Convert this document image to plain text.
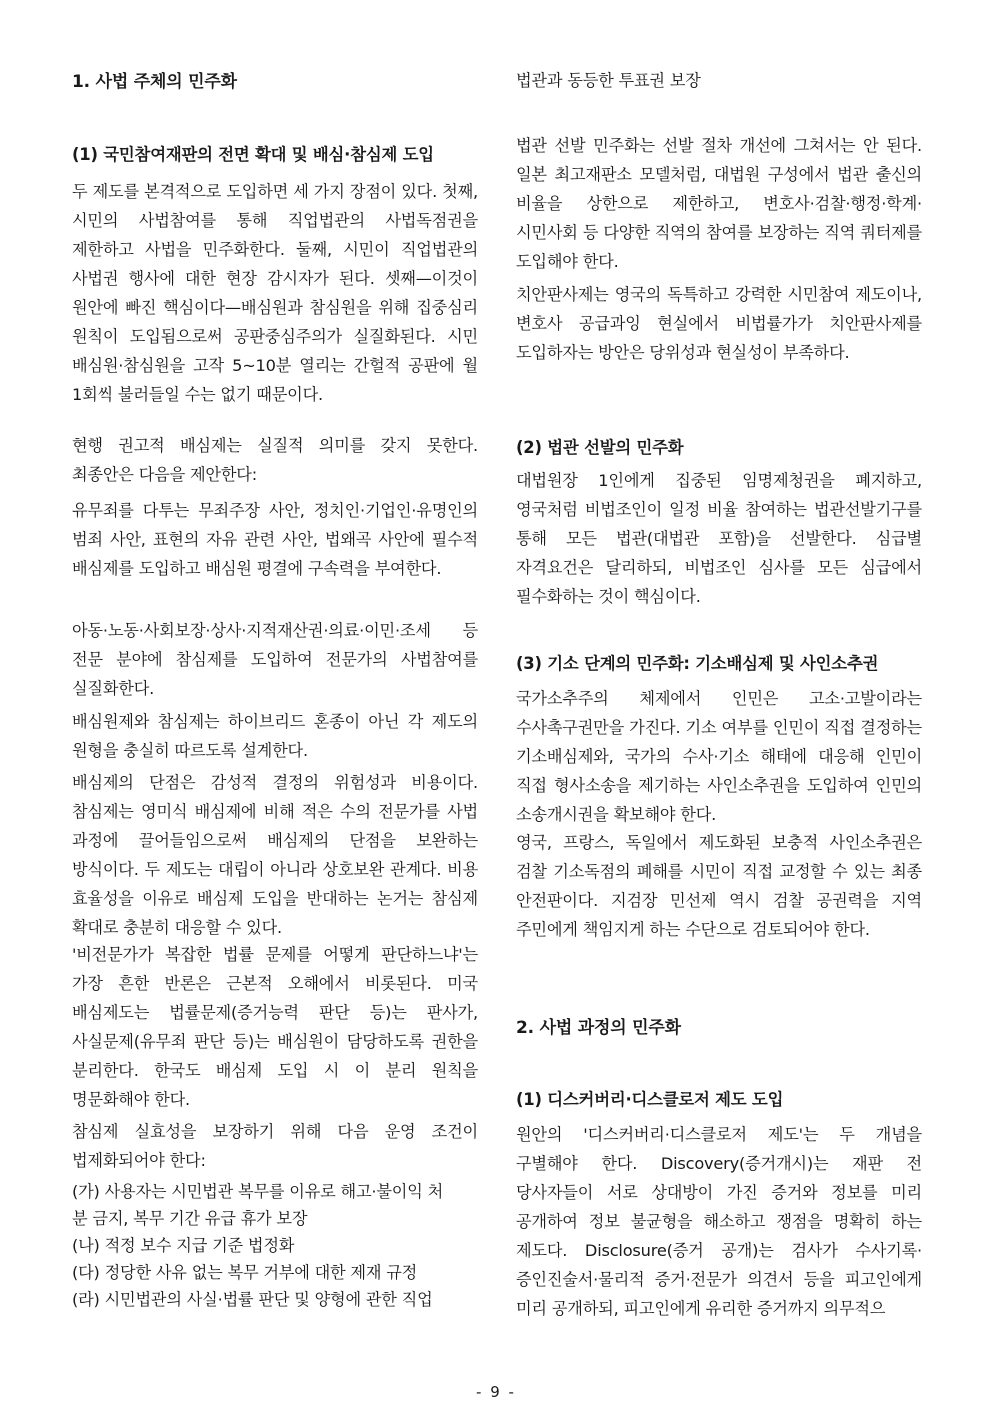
1. 사법 주체의 민주화
(1) 국민참여재판의 전면 확대 및 배심·참심제 도입

두 제도를 본격적으로 도입하면 세 가지 장점이 있다. 첫째, 시민의 사법참여를 통해 직업법관의 사법독점권을 제한하고 사법을 민주화한다. 둘째, 시민이 직업법관의 사법권 행사에 대한 현장 감시자가 된다. 셋째—이것이 원안에 빠진 핵심이다—배심원과 참심원을 위해 집중심리 원칙이 도입됨으로써 공판중심주의가 실질화된다. 시민 배심원·참심원을 고작 5~10분 열리는 간헐적 공판에 월 1회씩 불러들일 수는 없기 때문이다.

현행 권고적 배심제는 실질적 의미를 갖지 못한다. 최종안은 다음을 제안한다:

유무죄를 다투는 무죄주장 사안, 정치인·기업인·유명인의 범죄 사안, 표현의 자유 관련 사안, 법왜곡 사안에 필수적 배심제를 도입하고 배심원 평결에 구속력을 부여한다.

아동·노동·사회보장·상사·지적재산권·의료·이민·조세 등 전문 분야에 참심제를 도입하여 전문가의 사법참여를 실질화한다.

배심원제와 참심제는 하이브리드 혼종이 아닌 각 제도의 원형을 충실히 따르도록 설계한다.

배심제의 단점은 감성적 결정의 위험성과 비용이다. 참심제는 영미식 배심제에 비해 적은 수의 전문가를 사법 과정에 끌어들임으로써 배심제의 단점을 보완하는 방식이다. 두 제도는 대립이 아니라 상호보완 관계다. 비용 효율성을 이유로 배심제 도입을 반대하는 논거는 참심제 확대로 충분히 대응할 수 있다.

'비전문가가 복잡한 법률 문제를 어떻게 판단하느냐'는 가장 흔한 반론은 근본적 오해에서 비롯된다. 미국 배심제도는 법률문제(증거능력 판단 등)는 판사가, 사실문제(유무죄 판단 등)는 배심원이 담당하도록 권한을 분리한다. 한국도 배심제 도입 시 이 분리 원칙을 명문화해야 한다.

참심제 실효성을 보장하기 위해 다음 운영 조건이 법제화되어야 한다:

(가) 사용자는 시민법관 복무를 이유로 해고·불이익 처

분 금지, 복무 기간 유급 휴가 보장

(나) 적정 보수 지급 기준 법정화

(다) 정당한 사유 없는 복무 거부에 대한 제재 규정

(라) 시민법관의 사실·법률 판단 및 양형에 관한 직업

법관과 동등한 투표권 보장

법관 선발 민주화는 선발 절차 개선에 그쳐서는 안 된다. 일본 최고재판소 모델처럼, 대법원 구성에서 법관 출신의 비율을 상한으로 제한하고, 변호사·검찰·행정·학계·시민사회 등 다양한 직역의 참여를 보장하는 직역 쿼터제를 도입해야 한다.

치안판사제는 영국의 독특하고 강력한 시민참여 제도이나, 변호사 공급과잉 현실에서 비법률가가 치안판사제를 도입하자는 방안은 당위성과 현실성이 부족하다.

(2) 법관 선발의 민주화

대법원장 1인에게 집중된 임명제청권을 폐지하고, 영국처럼 비법조인이 일정 비율 참여하는 법관선발기구를 통해 모든 법관(대법관 포함)을 선발한다. 심급별 자격요건은 달리하되, 비법조인 심사를 모든 심급에서 필수화하는 것이 핵심이다.

(3) 기소 단계의 민주화: 기소배심제 및 사인소추권

국가소추주의 체제에서 인민은 고소·고발이라는 수사촉구권만을 가진다. 기소 여부를 인민이 직접 결정하는 기소배심제와, 국가의 수사·기소 해태에 대응해 인민이 직접 형사소송을 제기하는 사인소추권을 도입하여 인민의 소송개시권을 확보해야 한다.

영국, 프랑스, 독일에서 제도화된 보충적 사인소추권은 검찰 기소독점의 폐해를 시민이 직접 교정할 수 있는 최종 안전판이다. 지검장 민선제 역시 검찰 공권력을 지역 주민에게 책임지게 하는 수단으로 검토되어야 한다.

2. 사법 과정의 민주화
(1) 디스커버리·디스클로저 제도 도입

원안의 '디스커버리·디스클로저 제도'는 두 개념을 구별해야 한다. Discovery(증거개시)는 재판 전 당사자들이 서로 상대방이 가진 증거와 정보를 미리 공개하여 정보 불균형을 해소하고 쟁점을 명확히 하는 제도다. Disclosure(증거 공개)는 검사가 수사기록·증인진술서·물리적 증거·전문가 의견서 등을 피고인에게 미리 공개하되, 피고인에게 유리한 증거까지 의무적으

- 9 -
